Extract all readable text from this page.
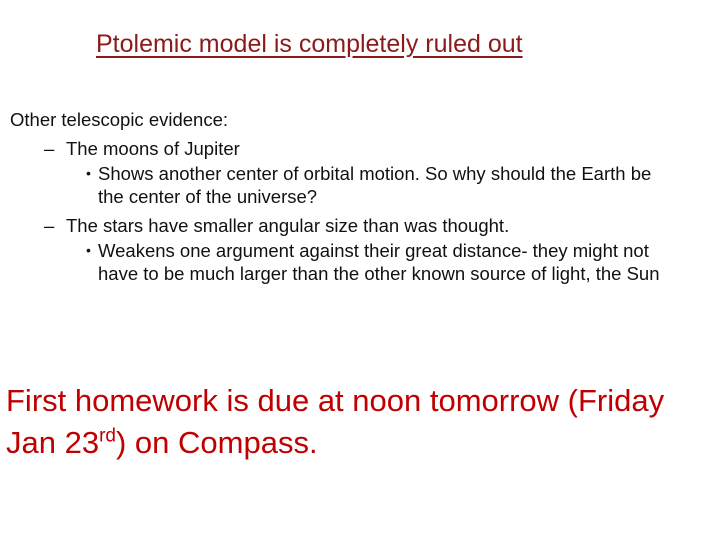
Ptolemic model is completely ruled out

Other telescopic evidence:

– The moons of Jupiter
• Shows another center of orbital motion. So why should the Earth be the center of the universe?
– The stars have smaller angular size than was thought.
• Weakens one argument against their great distance- they might not have to be much larger than the other known source of light, the Sun

First homework is due at noon tomorrow (Friday Jan 23rd) on Compass.
